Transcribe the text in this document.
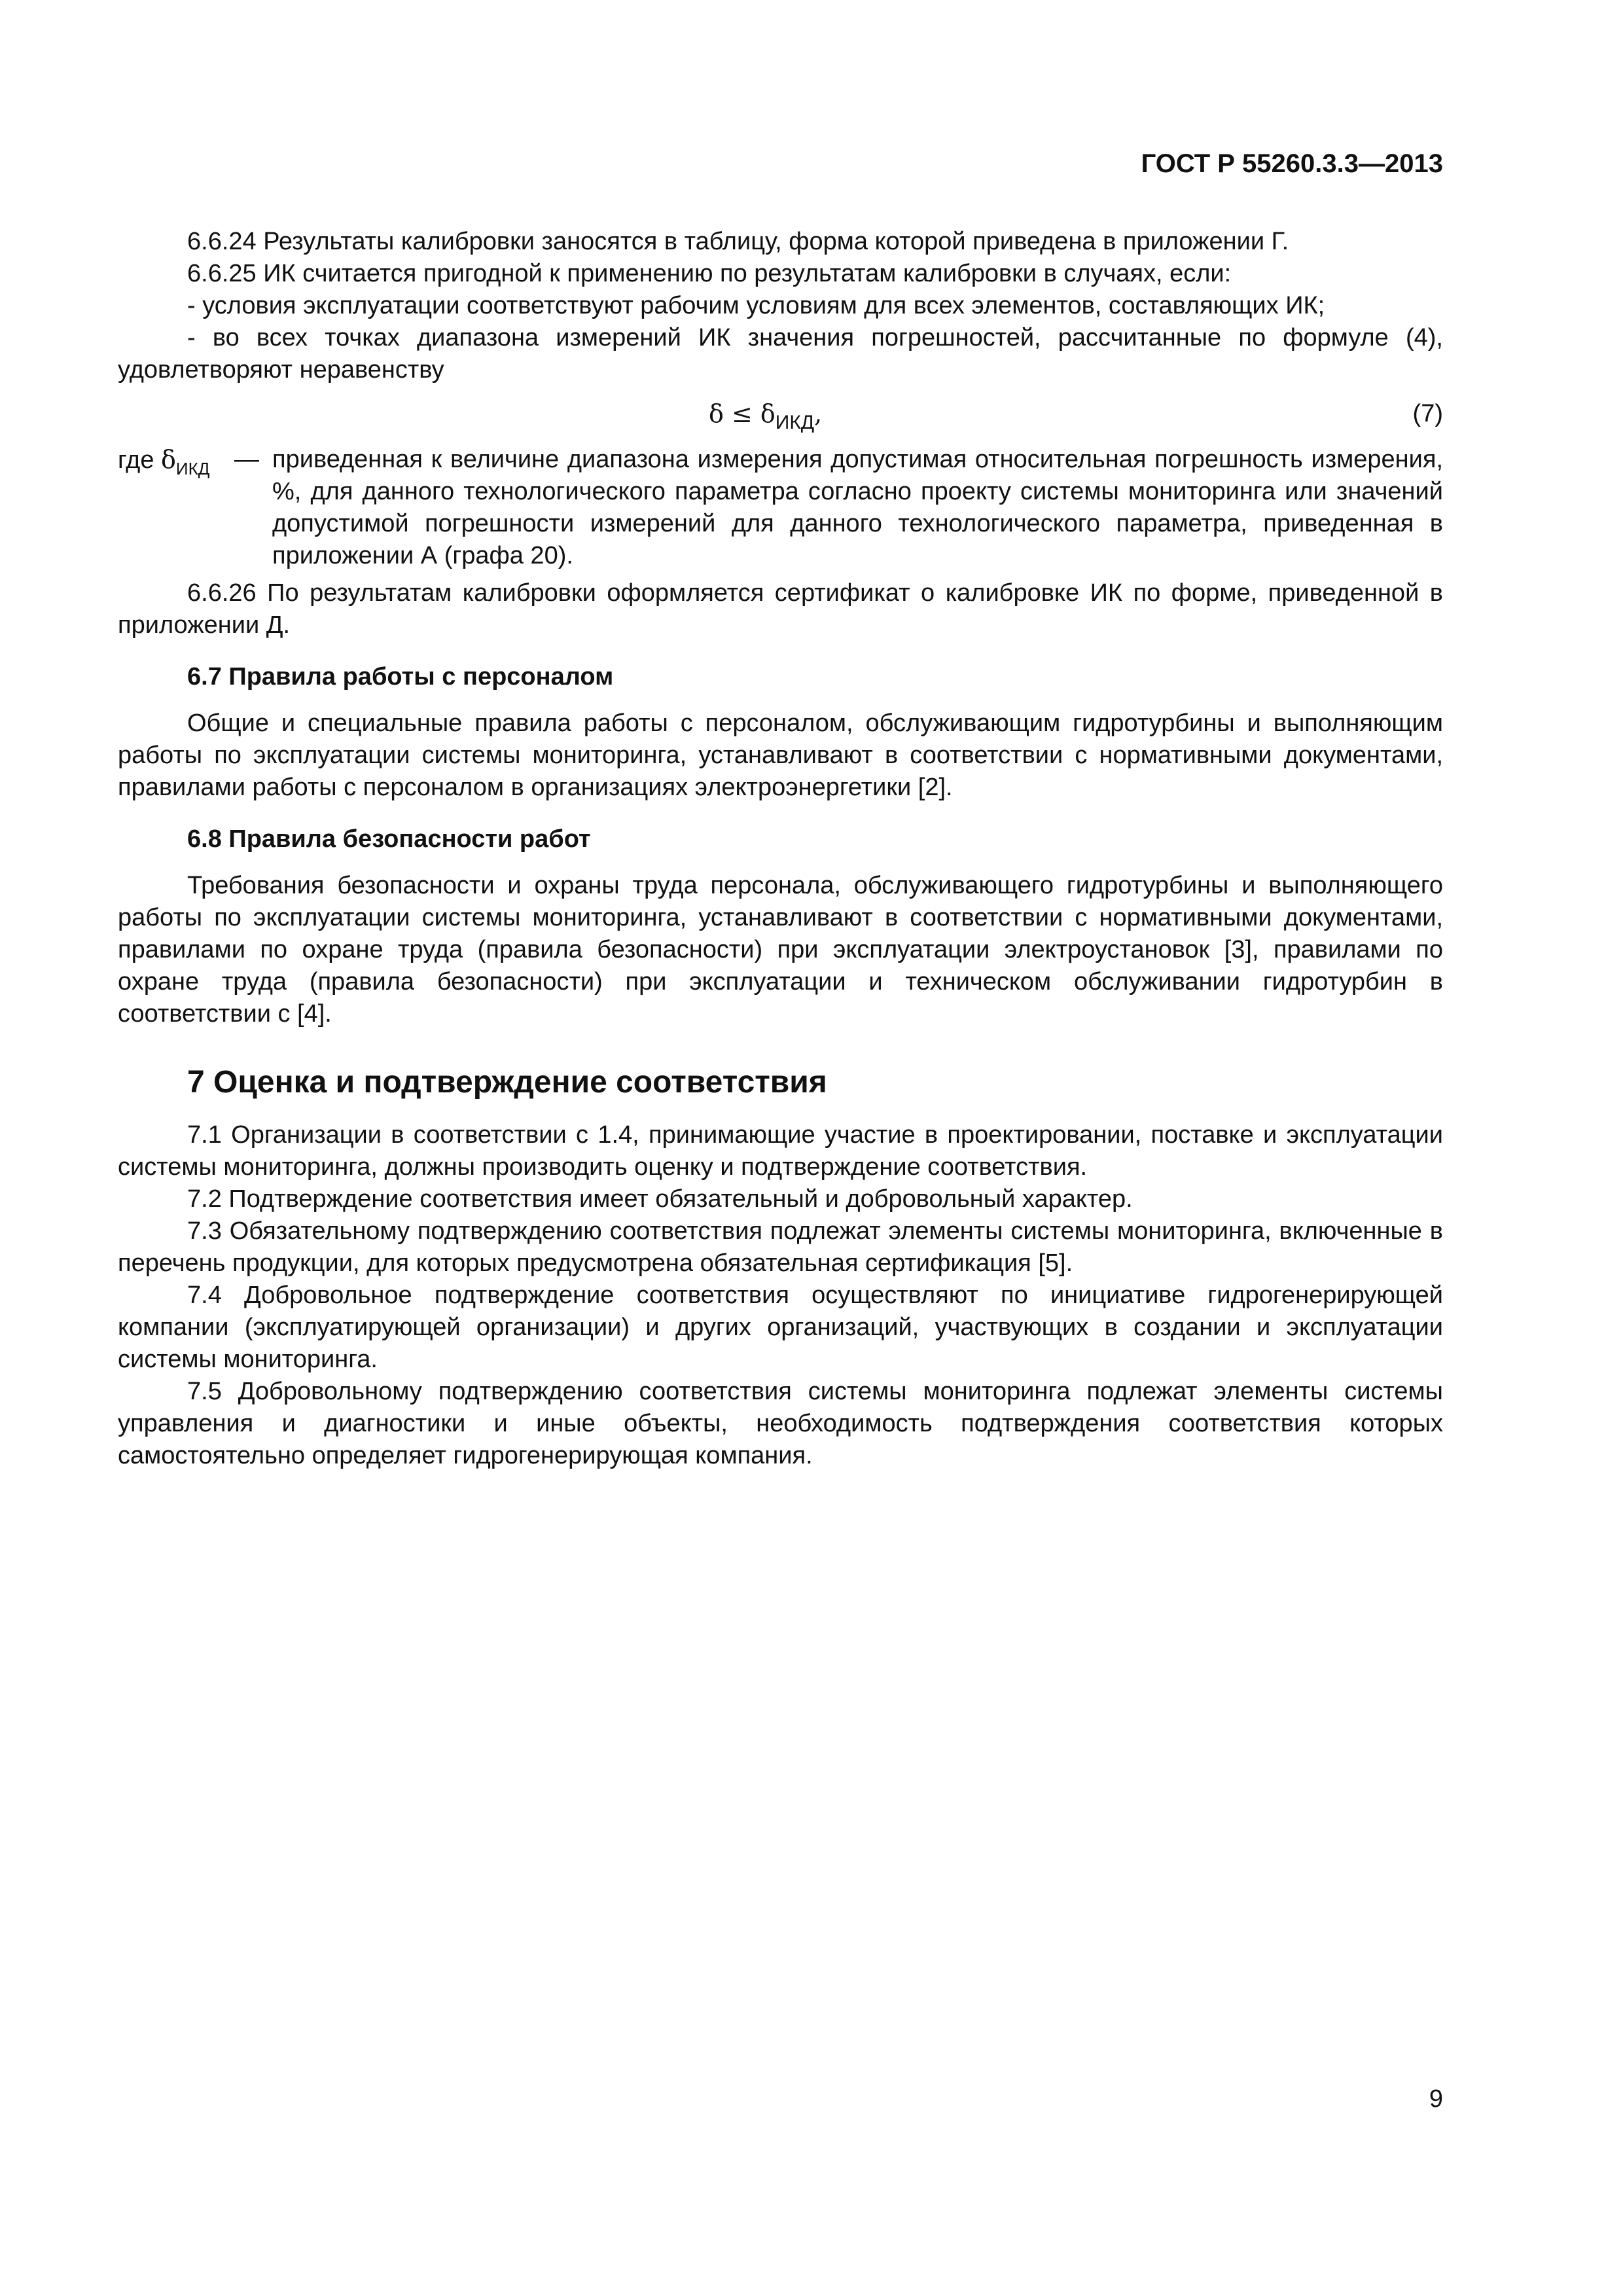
ГОСТ Р 55260.3.3—2013

6.6.24 Результаты калибровки заносятся в таблицу, форма которой приведена в приложении Г.

6.6.25 ИК считается пригодной к применению по результатам калибровки в случаях, если:

- условия эксплуатации соответствуют рабочим условиям для всех элементов, составляющих ИК;

- во всех точках диапазона измерений ИК значения погрешностей, рассчитанные по формуле (4), удовлетворяют неравенству

$\delta \le \delta_{ИКД}$,	(7)
где $\delta_{ИКД}$ — приведенная к величине диапазона измерения допустимая относительная погрешность измерения, %, для данного технологического параметра согласно проекту системы мониторинга или значений допустимой погрешности измерений для данного технологического параметра, приведенная в приложении А (графа 20).

6.6.26 По результатам калибровки оформляется сертификат о калибровке ИК по форме, приведенной в приложении Д.

6.7 Правила работы с персоналом

Общие и специальные правила работы с персоналом, обслуживающим гидротурбины и выполняющим работы по эксплуатации системы мониторинга, устанавливают в соответствии с нормативными документами, правилами работы с персоналом в организациях электроэнергетики [2].

6.8 Правила безопасности работ

Требования безопасности и охраны труда персонала, обслуживающего гидротурбины и выполняющего работы по эксплуатации системы мониторинга, устанавливают в соответствии с нормативными документами, правилами по охране труда (правила безопасности) при эксплуатации электроустановок [3], правилами по охране труда (правила безопасности) при эксплуатации и техническом обслуживании гидротурбин в соответствии с [4].

7 Оценка и подтверждение соответствия

7.1 Организации в соответствии с 1.4, принимающие участие в проектировании, поставке и эксплуатации системы мониторинга, должны производить оценку и подтверждение соответствия.

7.2 Подтверждение соответствия имеет обязательный и добровольный характер.

7.3 Обязательному подтверждению соответствия подлежат элементы системы мониторинга, включенные в перечень продукции, для которых предусмотрена обязательная сертификация [5].

7.4 Добровольное подтверждение соответствия осуществляют по инициативе гидрогенерирующей компании (эксплуатирующей организации) и других организаций, участвующих в создании и эксплуатации системы мониторинга.

7.5 Добровольному подтверждению соответствия системы мониторинга подлежат элементы системы управления и диагностики и иные объекты, необходимость подтверждения соответствия которых самостоятельно определяет гидрогенерирующая компания.

9
